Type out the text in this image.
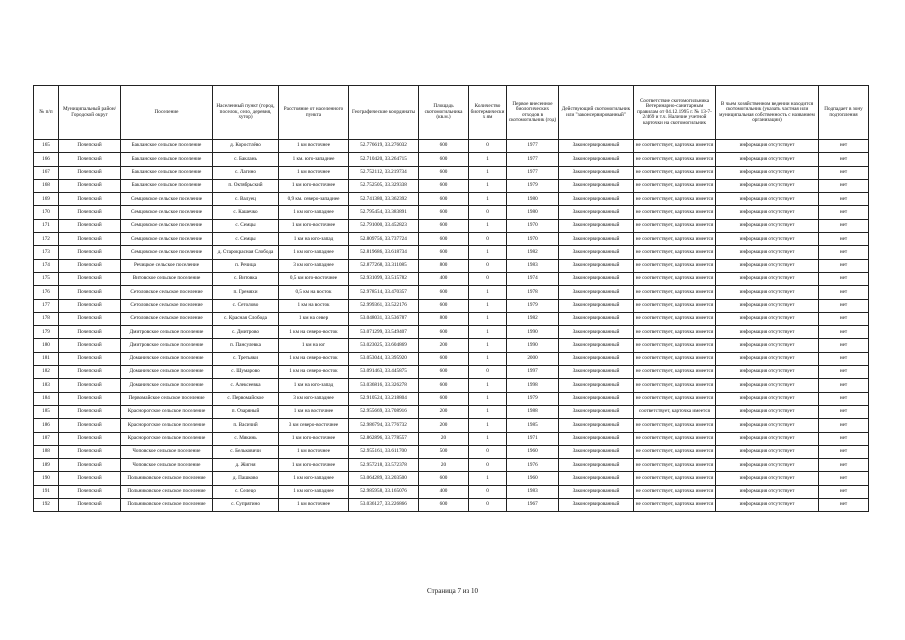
№ п/п	Муниципальный район/Городской округ	Поселение	Населенный пункт (город, поселок, село, деревня, хутор)	Расстояние от населенного пункта	Географические координаты	Площадь скотомогильника (кв.м.)	Количество биотермических ям	Первое внесенное биологических отходов в скотомогильник (год)	Действующий скотомогильник или "законсервированный"	Соответствие скотомогильника Ветеринарно-санитарным правилам от 04.12.1995 г. № 13-7-2/469 и т.ч. Наличие учетной карточки на скотомогильник	В чьем хозяйственном ведении находится скотомогильник (указать частная или муниципальная собственность с названием организации)	Подпадает в зону подтопления
165	Почепский	Бакланское сельское поселение	д. Коростлёво	1 км восточнее	52.776619, 33.276032	600	0	1977	Законсервированный	не соответствует, карточка имеется	информация отсутствует	нет
166	Почепский	Бакланское сельское поселение	с. Баклань	1 км. юго-западнее	52.710420, 33.264715	600	1	1977	Законсервированный	не соответствует, карточка имеется	информация отсутствует	нет
167	Почепский	Бакланское сельское поселение	с. Лагино	1 км восточнее	52.752112, 33.219734	600	1	1977	Законсервированный	не соответствует, карточка имеется	информация отсутствует	нет
168	Почепский	Бакланское сельское поселение	п. Октябрьский	1 км юго-восточнее	52.752505, 33.329338	600	1	1979	Законсервированный	не соответствует, карточка имеется	информация отсутствует	нет
169	Почепский	Семцовское сельское поселение	с. Валуец	0,9 км. северо-западнее	52.741380, 33.362392	600	1	1980	Законсервированный	не соответствует, карточка имеется	информация отсутствует	нет
170	Почепский	Семцовское сельское поселение	с. Кашечко	1 км юго-западнее	52.795454, 33.383891	600	0	1980	Законсервированный	не соответствует, карточка имеется	информация отсутствует	нет
171	Почепский	Семцовское сельское поселение	с. Семцы	1 км юго-восточнее	52.791000, 33.452823	600	1	1970	Законсервированный	не соответствует, карточка имеется	информация отсутствует	нет
172	Почепский	Семцовское сельское поселение	с. Семцы	1 км на юго-запад	52.809756, 33.737724	600	0	1970	Законсервированный	не соответствует, карточка имеется	информация отсутствует	нет
173	Почепский	Семцовское сельское поселение	д. Старокрасная Слобода	1 км юго-западнее	52.819686, 33.618734	600	1	1982	Законсервированный	не соответствует, карточка имеется	информация отсутствует	нет
174	Почепский	Речицкое сельское поселение	п. Речица	3 км юго-западнее	52.877268, 33.311085	800	0	1983	Законсервированный	не соответствует, карточка имеется	информация отсутствует	нет
175	Почепский	Витовское сельское поселение	с. Витовка	0,5 км юго-восточнее	52.931099, 33.515782	400	0	1974	Законсервированный	не соответствует, карточка имеется	информация отсутствует	нет
176	Почепский	Сетоловское сельское поселение	п. Гремяхи	0,5 км на восток	52.978514, 33.470357	600	1	1978	Законсервированный	не соответствует, карточка имеется	информация отсутствует	нет
177	Почепский	Сетоловское сельское поселение	с. Сетолово	1 км на восток	52.999361, 33.522176	600	1	1979	Законсервированный	не соответствует, карточка имеется	информация отсутствует	нет
178	Почепский	Сетоловское сельское поселение	с. Красная Слобода	1 км на север	53.048031, 33.536787	800	1	1982	Законсервированный	не соответствует, карточка имеется	информация отсутствует	нет
179	Почепский	Дмитровское сельское поселение	с. Дмитрово	1 км на северо-восток	53.071299, 33.549407	600	1	1990	Законсервированный	не соответствует, карточка имеется	информация отсутствует	нет
180	Почепский	Дмитровское сельское поселение	п. Пансулевка	1 км на юг	53.023025, 33.604869	200	1	1990	Законсервированный	не соответствует, карточка имеется	информация отсутствует	нет
181	Почепский	Доманичское сельское поселение	с. Третьяки	1 км на северо-восток	53.053044, 33.395920	600	1	2000	Законсервированный	не соответствует, карточка имеется	информация отсутствует	нет
182	Почепский	Доманичское сельское поселение	с. Шумарово	1 км на северо-восток	53.091463, 33.445875	600	0	1997	Законсервированный	не соответствует, карточка имеется	информация отсутствует	нет
183	Почепский	Доманичское сельское поселение	с. Алексеевка	1 км на юго-запад	53.036816, 33.326278	600	1	1998	Законсервированный	не соответствует, карточка имеется	информация отсутствует	нет
184	Почепский	Первомайское сельское поселение	с. Первомайское	3 км юго-западнее	52.910524, 33.218804	600	1	1979	Законсервированный	не соответствует, карточка имеется	информация отсутствует	нет
185	Почепский	Краснорогское сельское поселение	п. Озаряный	1 км на восточнее	52.955669, 33.708916	200	1	1988	Законсервированный	соответствует, карточка имеется	информация отсутствует	нет
186	Почепский	Краснорогское сельское поселение	п. Васичий	3 км северо-восточнее	52.986794, 33.776732	200	1	1985	Законсервированный	не соответствует, карточка имеется	информация отсутствует	нет
187	Почепский	Краснорогское сельское поселение	с. Мякинь	1 км юго-восточнее	52.862896, 33.778557	20	1	1971	Законсервированный	не соответствует, карточка имеется	информация отсутствует	нет
188	Почепский	Чоповское сельское поселение	с. Бельковичи	1 км восточнее	52.955161, 33.611700	500	0	1960	Законсервированный	не соответствует, карточка имеется	информация отсутствует	нет
189	Почепский	Чоповское сельское поселение	д. Жигня	1 км юго-восточнее	52.957218, 33.572378	20	0	1976	Законсервированный	не соответствует, карточка имеется	информация отсутствует	нет
190	Почепский	Польниковское сельское поселение	д. Пашково	1 км юго-западнее	53.064289, 33.203500	600	1	1960	Законсервированный	не соответствует, карточка имеется	информация отсутствует	нет
191	Почепский	Польниковское сельское поселение	с. Селецо	1 км юго-западнее	52.985958, 33.165076	400	0	1983	Законсервированный	не соответствует, карточка имеется	информация отсутствует	нет
192	Почепский	Польниковское сельское поселение	с. Супрягино	1 км восточнее	53.036127, 33.226866	600	0	1967	Законсервированный	не соответствует, карточка имеется	информация отсутствует	нет
Страница 7 из 10
